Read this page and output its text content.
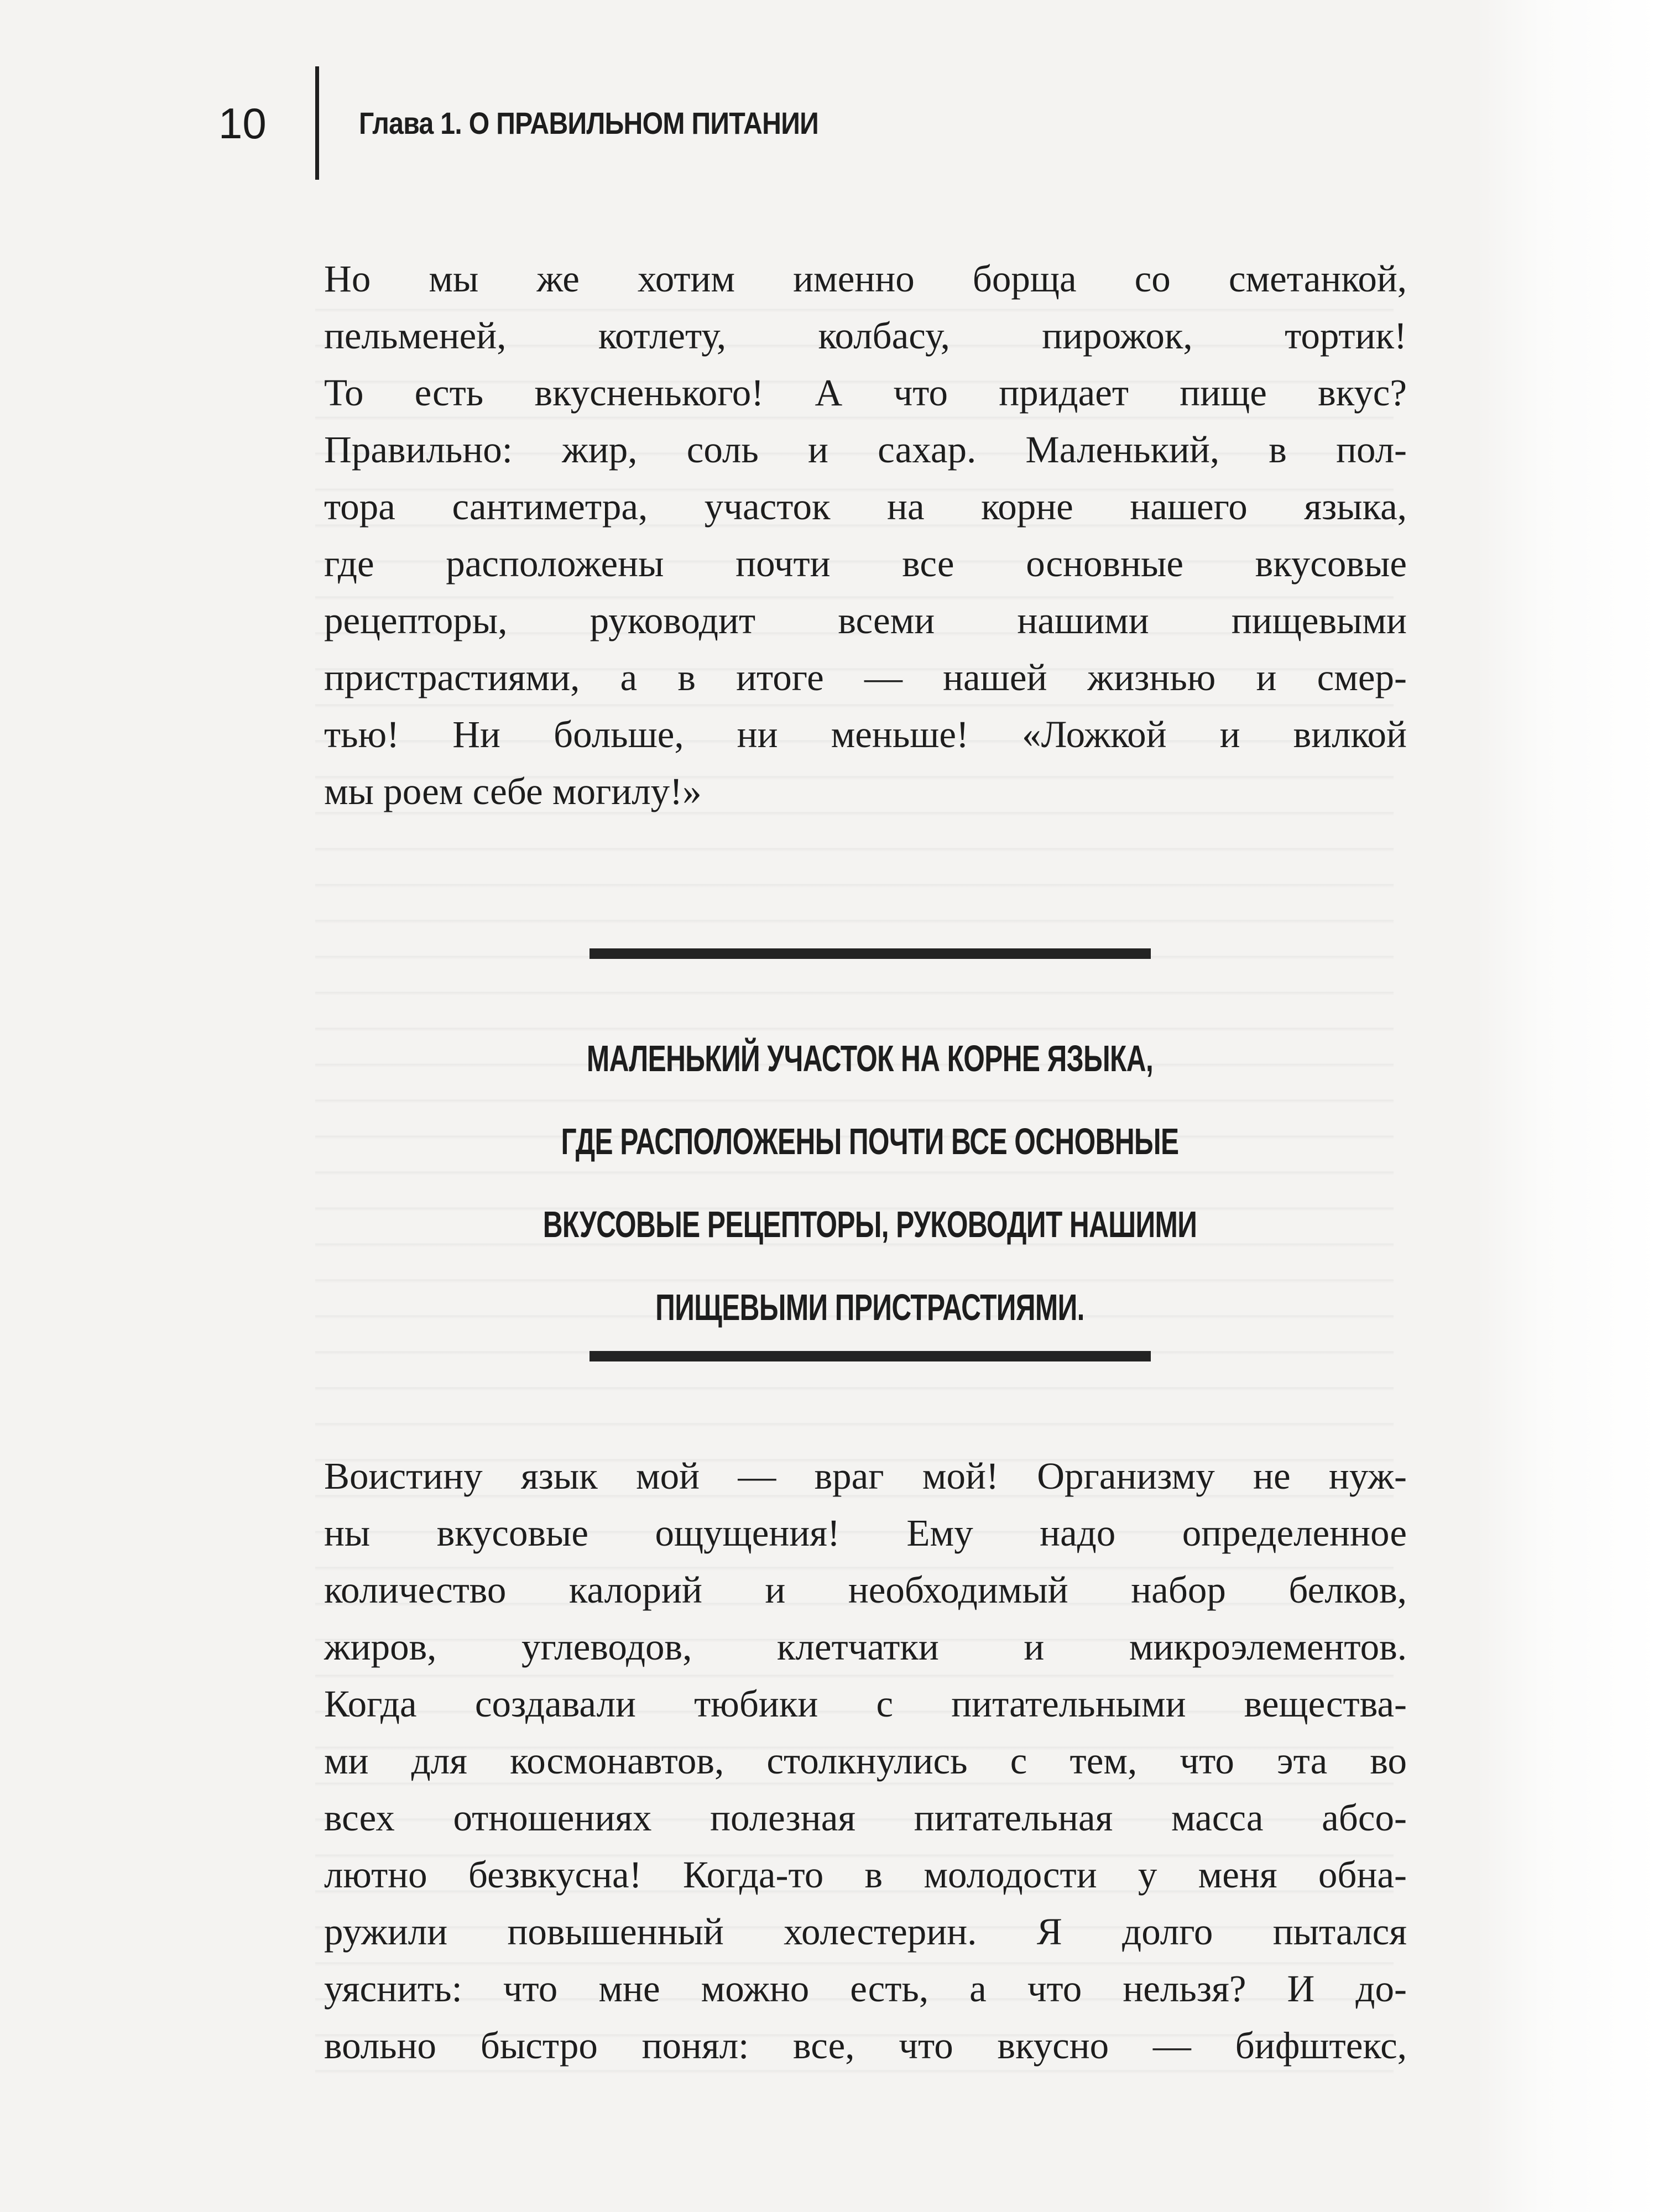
10	Глава 1. О ПРАВИЛЬНОМ ПИТАНИИ
Но мы же хотим именно борща со сметанкой,
пельменей, котлету, колбасу, пирожок, тортик!
То есть вкусненького! А что придает пище вкус?
Правильно: жир, соль и сахар. Маленький, в пол-
тора сантиметра, участок на корне нашего языка,
где расположены почти все основные вкусовые
рецепторы, руководит всеми нашими пищевыми
пристрастиями, а в итоге — нашей жизнью и смер-
тью! Ни больше, ни меньше! «Ложкой и вилкой
мы роем себе могилу!»
МАЛЕНЬКИЙ УЧАСТОК НА КОРНЕ ЯЗЫКА,
ГДЕ РАСПОЛОЖЕНЫ ПОЧТИ ВСЕ ОСНОВНЫЕ
ВКУСОВЫЕ РЕЦЕПТОРЫ, РУКОВОДИТ НАШИМИ
ПИЩЕВЫМИ ПРИСТРАСТИЯМИ.
Воистину язык мой — враг мой! Организму не нуж-
ны вкусовые ощущения! Ему надо определенное
количество калорий и необходимый набор белков,
жиров, углеводов, клетчатки и микроэлементов.
Когда создавали тюбики с питательными вещества-
ми для космонавтов, столкнулись с тем, что эта во
всех отношениях полезная питательная масса абсо-
лютно безвкусна! Когда-то в молодости у меня обна-
ружили повышенный холестерин. Я долго пытался
уяснить: что мне можно есть, а что нельзя? И до-
вольно быстро понял: все, что вкусно — бифштекс,
